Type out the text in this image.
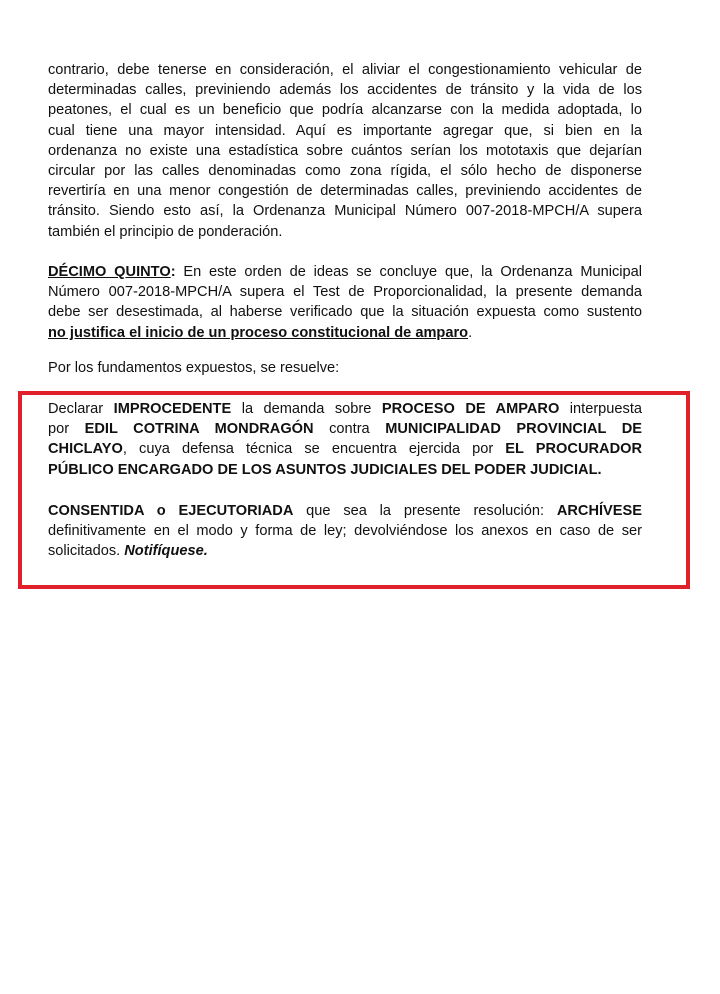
contrario, debe tenerse en consideración, el aliviar el congestionamiento vehicular de
determinadas calles, previniendo además los accidentes de tránsito y la vida de los
peatones, el cual es un beneficio que podría alcanzarse con la medida adoptada, lo
cual tiene una mayor intensidad. Aquí es importante agregar que, si bien en la
ordenanza no existe una estadística sobre cuántos serían los mototaxis que dejarían
circular por las calles denominadas como zona rígida, el sólo hecho de disponerse
revertiría en una menor congestión de determinadas calles, previniendo accidentes de
tránsito. Siendo esto así, la Ordenanza Municipal Número 007-2018-MPCH/A supera
también el principio de ponderación.

DÉCIMO QUINTO: En este orden de ideas se concluye que, la Ordenanza Municipal
Número 007-2018-MPCH/A supera el Test de Proporcionalidad, la presente demanda
debe ser desestimada, al haberse verificado que la situación expuesta como sustento
no justifica el inicio de un proceso constitucional de amparo.

Por los fundamentos expuestos, se resuelve:

Declarar IMPROCEDENTE la demanda sobre PROCESO DE AMPARO interpuesta
por EDIL COTRINA MONDRAGÓN contra MUNICIPALIDAD PROVINCIAL DE
CHICLAYO, cuya defensa técnica se encuentra ejercida por EL PROCURADOR
PÚBLICO ENCARGADO DE LOS ASUNTOS JUDICIALES DEL PODER JUDICIAL.

CONSENTIDA o EJECUTORIADA que sea la presente resolución: ARCHÍVESE
definitivamente en el modo y forma de ley; devolviéndose los anexos en caso de ser
solicitados. Notifíquese.
